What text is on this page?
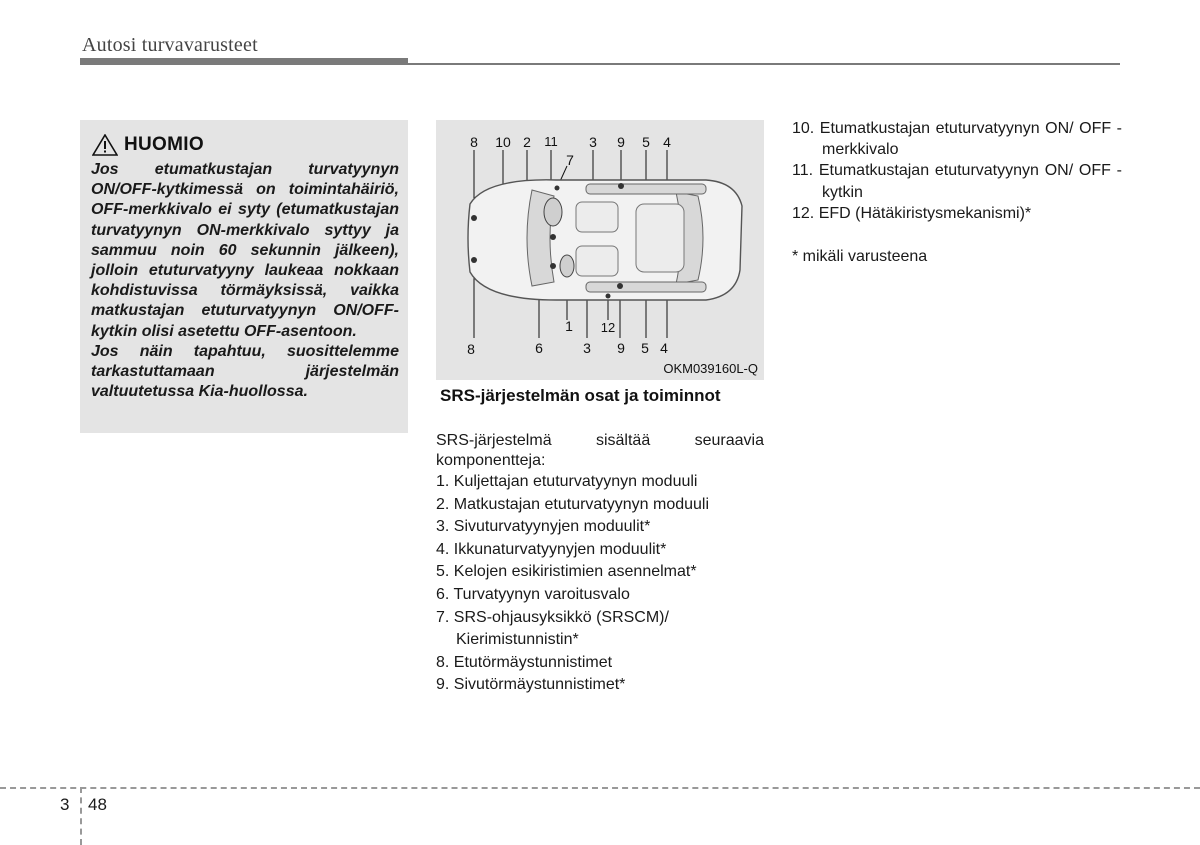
Autosi turvavarusteet
HUOMIO

Jos etumatkustajan turvatyynyn ON/OFF-kytkimessä on toimintahäiriö, OFF-merkkivalo ei syty (etumatkustajan turvatyynyn ON-merkkivalo syttyy ja sammuu noin 60 sekunnin jälkeen), jolloin etuturvatyyny laukeaa nokkaan kohdistuvissa törmäyksissä, vaikka matkustajan etuturvatyynyn ON/OFF-kytkin olisi asetettu OFF-asentoon.

Jos näin tapahtuu, suosittelemme tarkastuttamaan järjestelmän valtuutetussa Kia-huollossa.

8 10 2 11 3 9 5 4
7
1 12
8	6	3 9 5 4
OKM039160L-Q
SRS-järjestelmän osat ja toiminnot
SRS-järjestelmä sisältää seuraavia komponentteja:
1. Kuljettajan etuturvatyynyn moduuli
2. Matkustajan etuturvatyynyn moduuli
3. Sivuturvatyynyjen moduulit*
4. Ikkunaturvatyynyjen moduulit*
5. Kelojen esikiristimien asennelmat*
6. Turvatyynyn varoitusvalo
7. SRS-ohjausyksikkö (SRSCM)/ Kierimistunnistin*
8. Etutörmäystunnistimet
9. Sivutörmäystunnistimet*
10. Etumatkustajan etuturvatyynyn ON/ OFF -merkkivalo
11. Etumatkustajan etuturvatyynyn ON/ OFF -kytkin
12. EFD (Hätäkiristysmekanismi)*
* mikäli varusteena
3 48
